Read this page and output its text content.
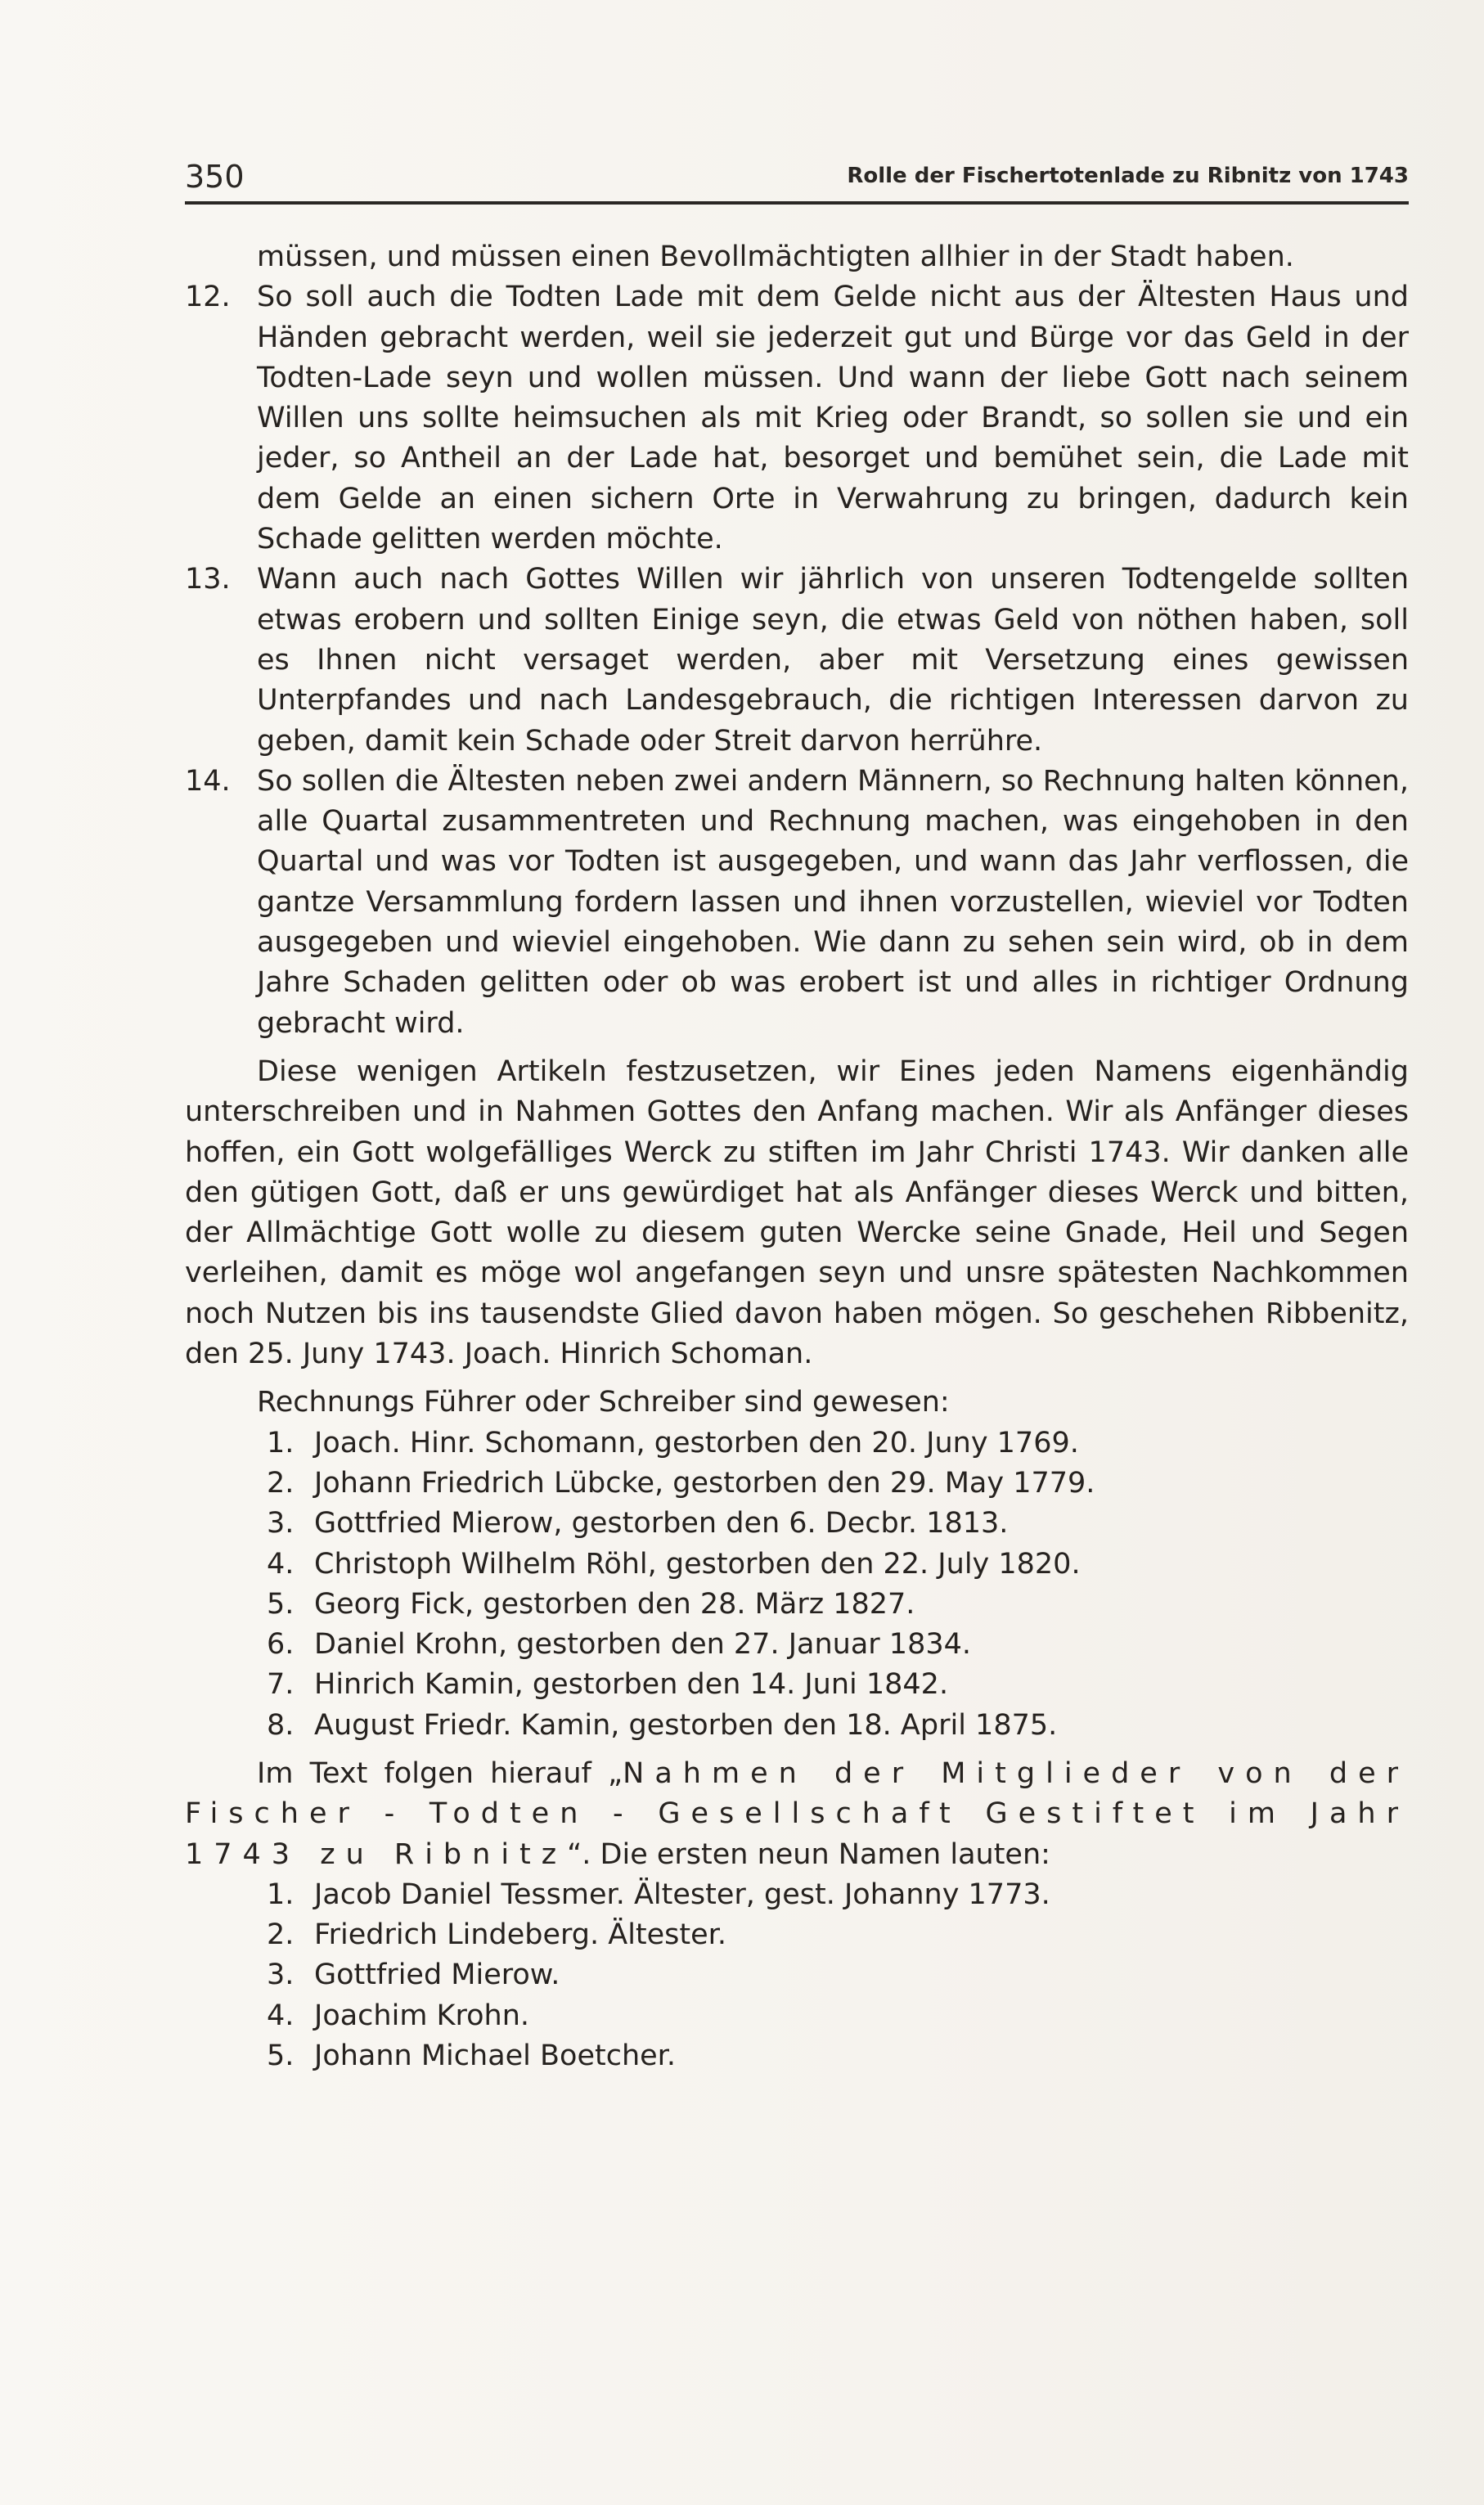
350	Rolle der Fischertotenlade zu Ribnitz von 1743

müssen, und müssen einen Bevollmächtigten allhier in der Stadt haben.

12. So soll auch die Todten Lade mit dem Gelde nicht aus der Ältesten Haus und Händen gebracht werden, weil sie jederzeit gut und Bürge vor das Geld in der Todten-Lade seyn und wollen müssen. Und wann der liebe Gott nach seinem Willen uns sollte heimsuchen als mit Krieg oder Brandt, so sollen sie und ein jeder, so Antheil an der Lade hat, besorget und bemühet sein, die Lade mit dem Gelde an einen sichern Orte in Verwahrung zu bringen, dadurch kein Schade gelitten werden möchte.

13. Wann auch nach Gottes Willen wir jährlich von unseren Todtengelde sollten etwas erobern und sollten Einige seyn, die etwas Geld von nöthen haben, soll es Ihnen nicht versaget werden, aber mit Versetzung eines gewissen Unterpfandes und nach Landesgebrauch, die richtigen Interessen darvon zu geben, damit kein Schade oder Streit darvon herrühre.

14. So sollen die Ältesten neben zwei andern Männern, so Rechnung halten können, alle Quartal zusammentreten und Rechnung machen, was eingehoben in den Quartal und was vor Todten ist ausgegeben, und wann das Jahr verflossen, die gantze Versammlung fordern lassen und ihnen vorzustellen, wieviel vor Todten ausgegeben und wieviel eingehoben. Wie dann zu sehen sein wird, ob in dem Jahre Schaden gelitten oder ob was erobert ist und alles in richtiger Ordnung gebracht wird.

Diese wenigen Artikeln festzusetzen, wir Eines jeden Namens eigenhändig unterschreiben und in Nahmen Gottes den Anfang machen. Wir als Anfänger dieses hoffen, ein Gott wolgefälliges Werck zu stiften im Jahr Christi 1743. Wir danken alle den gütigen Gott, daß er uns gewürdiget hat als Anfänger dieses Werck und bitten, der Allmächtige Gott wolle zu diesem guten Wercke seine Gnade, Heil und Segen verleihen, damit es möge wol angefangen seyn und unsre spätesten Nachkommen noch Nutzen bis ins tausendste Glied davon haben mögen. So geschehen Ribbenitz, den 25. Juny 1743. Joach. Hinrich Schoman.

Rechnungs Führer oder Schreiber sind gewesen:

1. Joach. Hinr. Schomann, gestorben den 20. Juny 1769.
2. Johann Friedrich Lübcke, gestorben den 29. May 1779.
3. Gottfried Mierow, gestorben den 6. Decbr. 1813.
4. Christoph Wilhelm Röhl, gestorben den 22. July 1820.
5. Georg Fick, gestorben den 28. März 1827.
6. Daniel Krohn, gestorben den 27. Januar 1834.
7. Hinrich Kamin, gestorben den 14. Juni 1842.
8. August Friedr. Kamin, gestorben den 18. April 1875.

Im Text folgen hierauf „Nahmen der Mitglieder von der

Fischer - Todten - Gesellschaft Gestiftet im Jahr

1743 zu Ribnitz“. Die ersten neun Namen lauten:

1. Jacob Daniel Tessmer. Ältester, gest. Johanny 1773.
2. Friedrich Lindeberg. Ältester.
3. Gottfried Mierow.
4. Joachim Krohn.
5. Johann Michael Boetcher.
